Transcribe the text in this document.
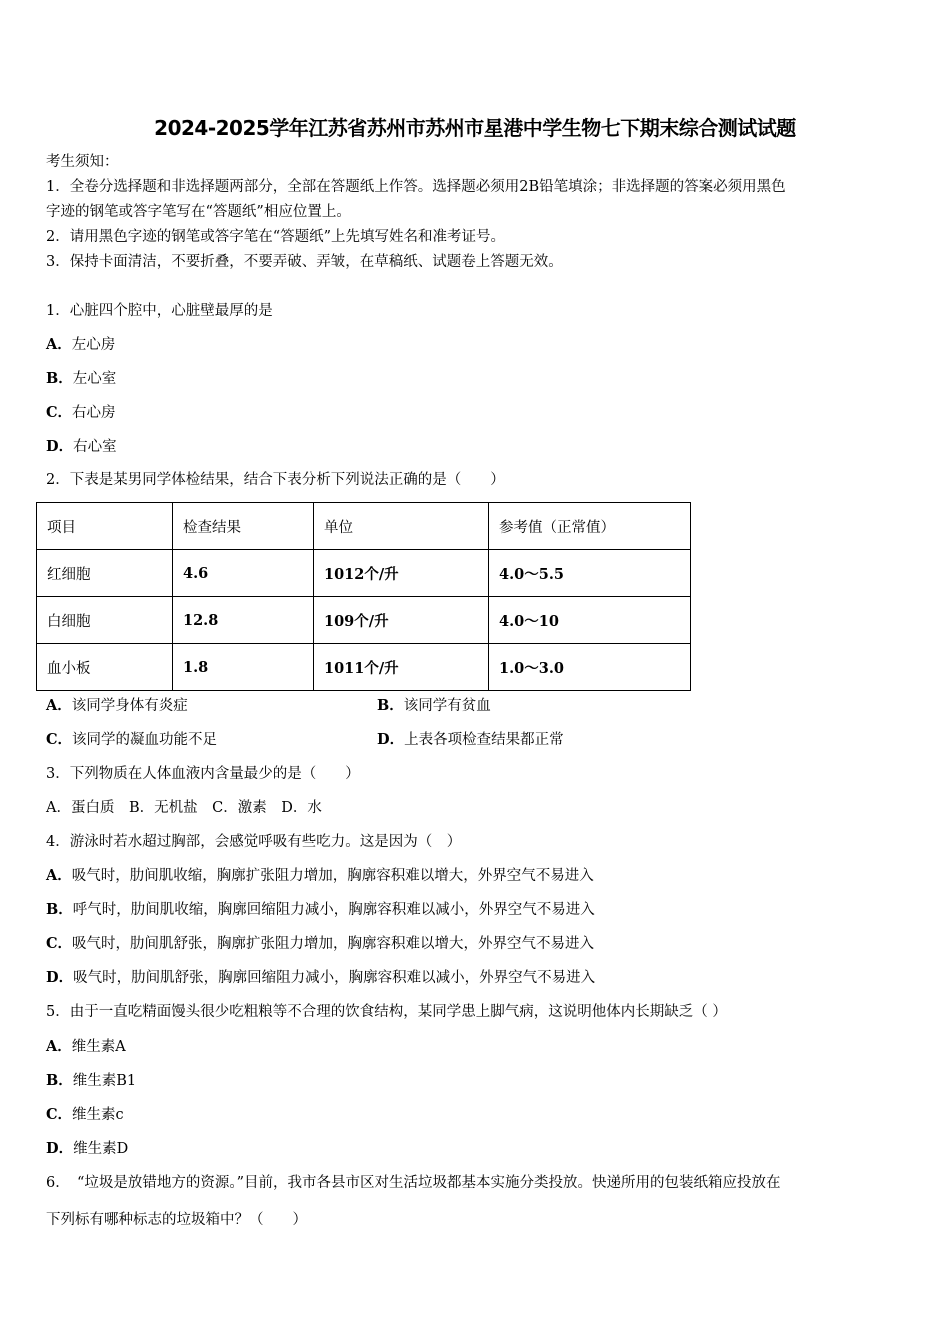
2024-2025学年江苏省苏州市苏州市星港中学生物七下期末综合测试试题
考生须知：
1．全卷分选择题和非选择题两部分，全部在答题纸上作答。选择题必须用2B铅笔填涂；非选择题的答案必须用黑色
字迹的钢笔或答字笔写在“答题纸”相应位置上。
2．请用黑色字迹的钢笔或答字笔在“答题纸”上先填写姓名和准考证号。
3．保持卡面清洁，不要折叠，不要弄破、弄皱，在草稿纸、试题卷上答题无效。
1．心脏四个腔中，心脏壁最厚的是
A．左心房
B．左心室
C．右心房
D．右心室
2．下表是某男同学体检结果，结合下表分析下列说法正确的是（　　）
项目	检查结果	单位	参考值（正常值）
红细胞	4.6	1012个/升	4.0～5.5
白细胞	12.8	109个/升	4.0～10
血小板	1.8	1011个/升	1.0～3.0
A．该同学身体有炎症	B．该同学有贫血
C．该同学的凝血功能不足	D．上表各项检查结果都正常
3．下列物质在人体血液内含量最少的是（　　）
A．蛋白质　B．无机盐　C．激素　D．水
4．游泳时若水超过胸部，会感觉呼吸有些吃力。这是因为（　）
A．吸气时，肋间肌收缩，胸廓扩张阻力增加，胸廓容积难以增大，外界空气不易进入
B．呼气时，肋间肌收缩，胸廓回缩阻力减小，胸廓容积难以减小，外界空气不易进入
C．吸气时，肋间肌舒张，胸廓扩张阻力增加，胸廓容积难以增大，外界空气不易进入
D．吸气时，肋间肌舒张，胸廓回缩阻力减小，胸廓容积难以减小，外界空气不易进入
5．由于一直吃精面馒头很少吃粗粮等不合理的饮食结构，某同学患上脚气病，这说明他体内长期缺乏（ ）
A．维生素A
B．维生素B1
C．维生素c
D．维生素D
6．　“垃圾是放错地方的资源。”目前，我市各县市区对生活垃圾都基本实施分类投放。快递所用的包装纸箱应投放在
下列标有哪种标志的垃圾箱中？（　　）
